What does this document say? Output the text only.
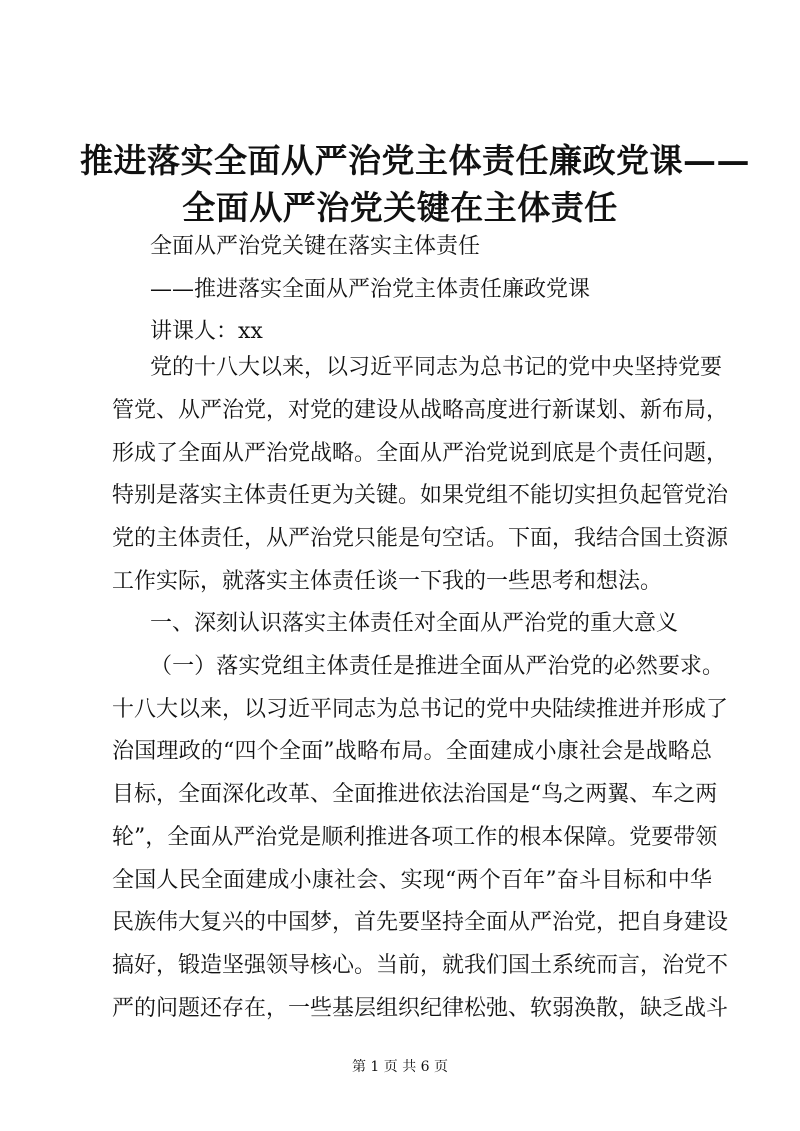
推进落实全面从严治党主体责任廉政党课——
全面从严治党关键在主体责任
全面从严治党关键在落实主体责任
——推进落实全面从严治党主体责任廉政党课
讲课人：xx
党的十八大以来，以习近平同志为总书记的党中央坚持党要
管党、从严治党，对党的建设从战略高度进行新谋划、新布局，
形成了全面从严治党战略。全面从严治党说到底是个责任问题，
特别是落实主体责任更为关键。如果党组不能切实担负起管党治
党的主体责任，从严治党只能是句空话。下面，我结合国土资源
工作实际，就落实主体责任谈一下我的一些思考和想法。
一、深刻认识落实主体责任对全面从严治党的重大意义
（一）落实党组主体责任是推进全面从严治党的必然要求。
十八大以来，以习近平同志为总书记的党中央陆续推进并形成了
治国理政的“四个全面”战略布局。全面建成小康社会是战略总
目标，全面深化改革、全面推进依法治国是“鸟之两翼、车之两
轮”，全面从严治党是顺利推进各项工作的根本保障。党要带领
全国人民全面建成小康社会、实现“两个百年”奋斗目标和中华
民族伟大复兴的中国梦，首先要坚持全面从严治党，把自身建设
搞好，锻造坚强领导核心。当前，就我们国土系统而言，治党不
严的问题还存在，一些基层组织纪律松弛、软弱涣散，缺乏战斗
第 1 页 共 6 页
